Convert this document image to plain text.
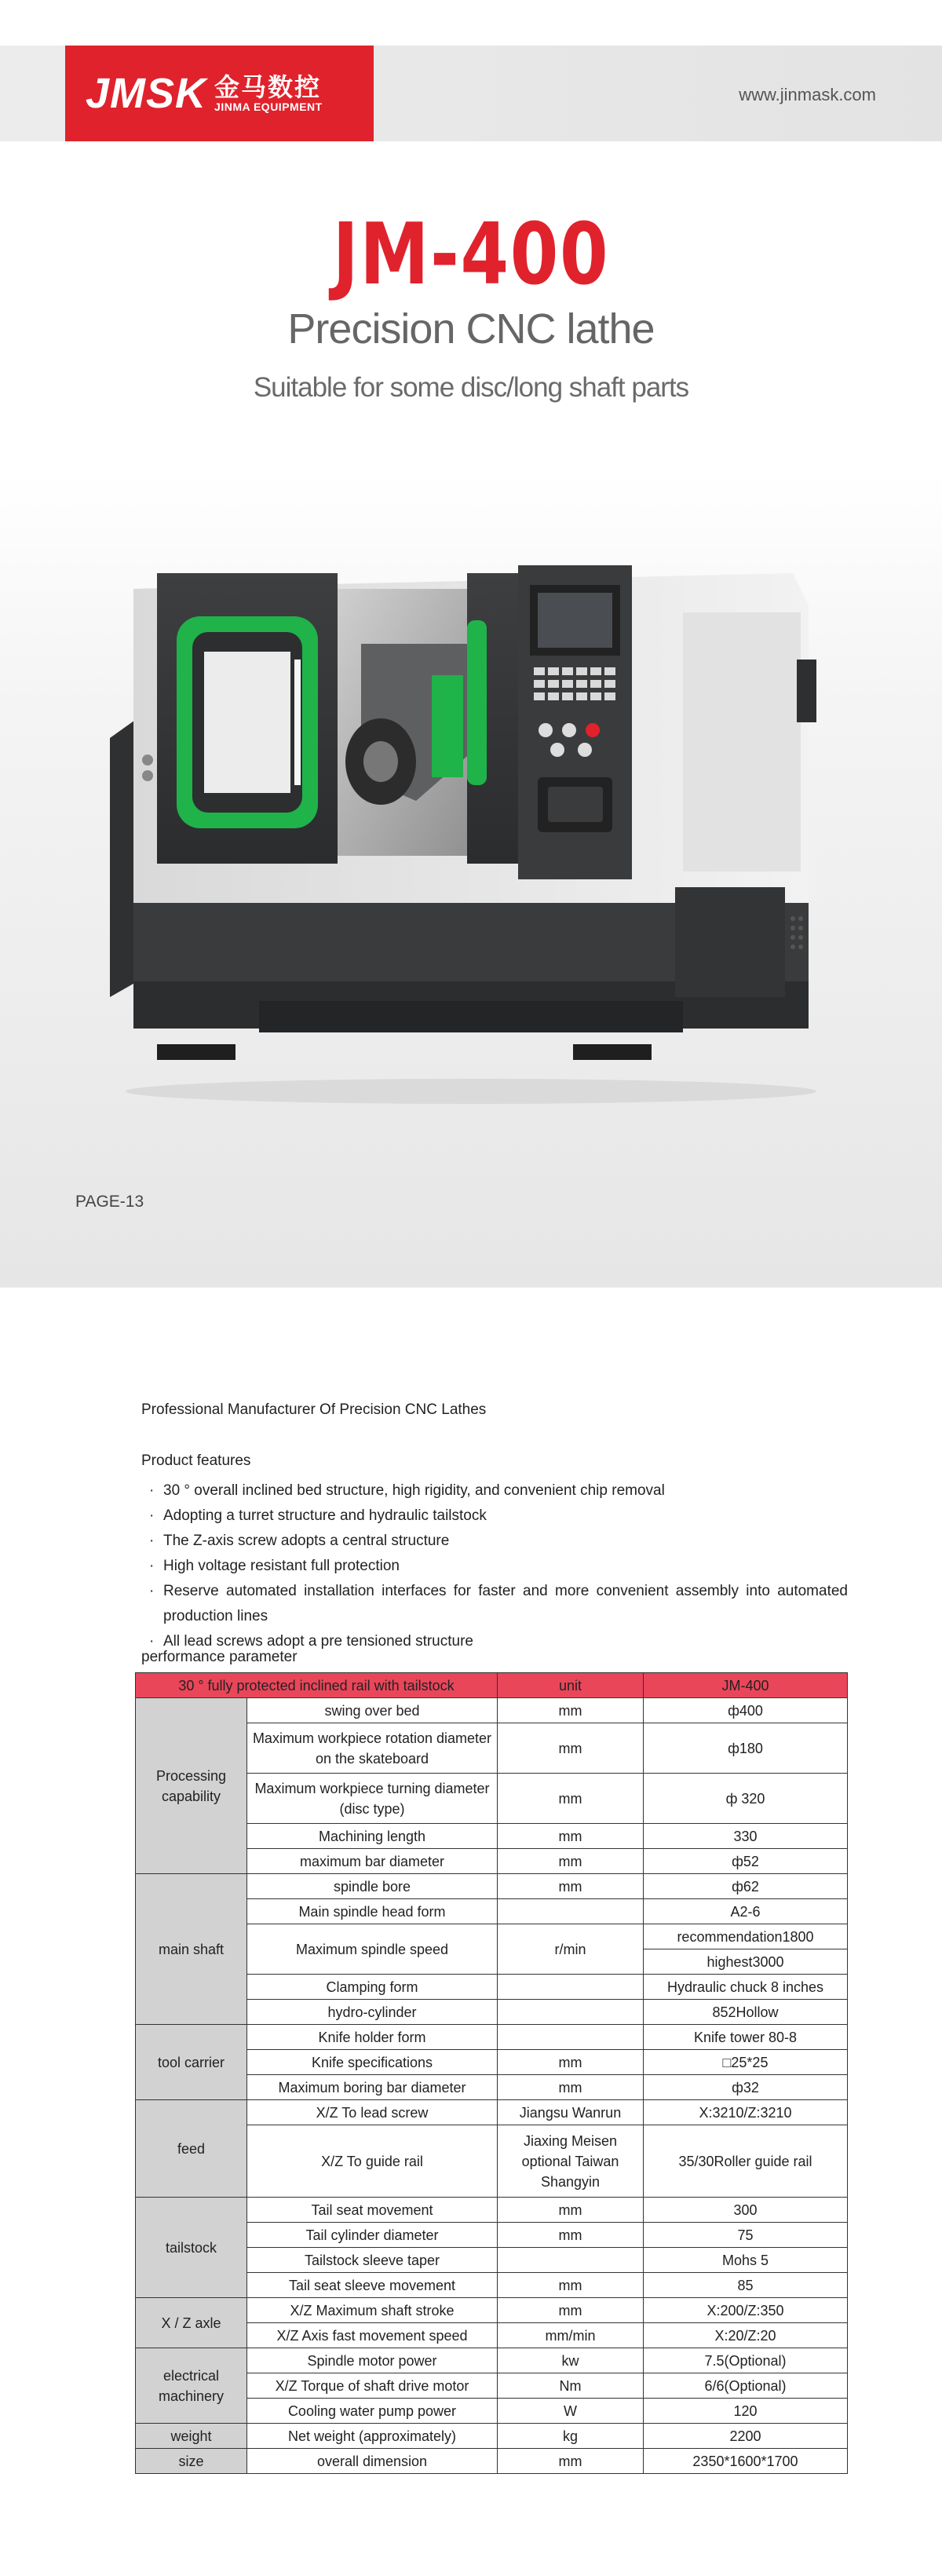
JMSK 金马数控
JINMA EQUIPMENT
www.jinmask.com
JM-400
Precision CNC lathe
Suitable for some disc/long shaft parts
PAGE-13
Professional Manufacturer Of Precision CNC Lathes
Product features
· 30 ° overall inclined bed structure, high rigidity, and convenient chip removal
· Adopting a turret structure and hydraulic tailstock
· The Z-axis screw adopts a central structure
· High voltage resistant full protection
· Reserve automated installation interfaces for faster and more convenient assembly into automated production lines
· All lead screws adopt a pre tensioned structure
performance parameter
30 ° fully protected inclined rail with tailstock		unit	JM-400
Processing capability	swing over bed	mm	ф400
	Maximum workpiece rotation diameter on the skateboard	mm	ф180
	Maximum workpiece turning diameter (disc type)	mm	ф 320
	Machining length	mm	330
	maximum bar diameter	mm	ф52
main shaft	spindle bore	mm	ф62
	Main spindle head form		A2-6
	Maximum spindle speed	r/min	recommendation1800
			highest3000
	Clamping form		Hydraulic chuck 8 inches
	hydro-cylinder		852Hollow
tool carrier	Knife holder form		Knife tower 80-8
	Knife specifications	mm	□25*25
	Maximum boring bar diameter	mm	ф32
feed	X/Z To lead screw	Jiangsu Wanrun	X:3210/Z:3210
	X/Z To guide rail	Jiaxing Meisen optional Taiwan Shangyin	35/30Roller guide rail
tailstock	Tail seat movement	mm	300
	Tail cylinder diameter	mm	75
	Tailstock sleeve taper		Mohs 5
	Tail seat sleeve movement	mm	85
X / Z axle	X/Z Maximum shaft stroke	mm	X:200/Z:350
	X/Z Axis fast movement speed	mm/min	X:20/Z:20
electrical machinery	Spindle motor power	kw	7.5(Optional)
	X/Z Torque of shaft drive motor	Nm	6/6(Optional)
	Cooling water pump power	W	120
weight	Net weight (approximately)	kg	2200
size	overall dimension	mm	2350*1600*1700
